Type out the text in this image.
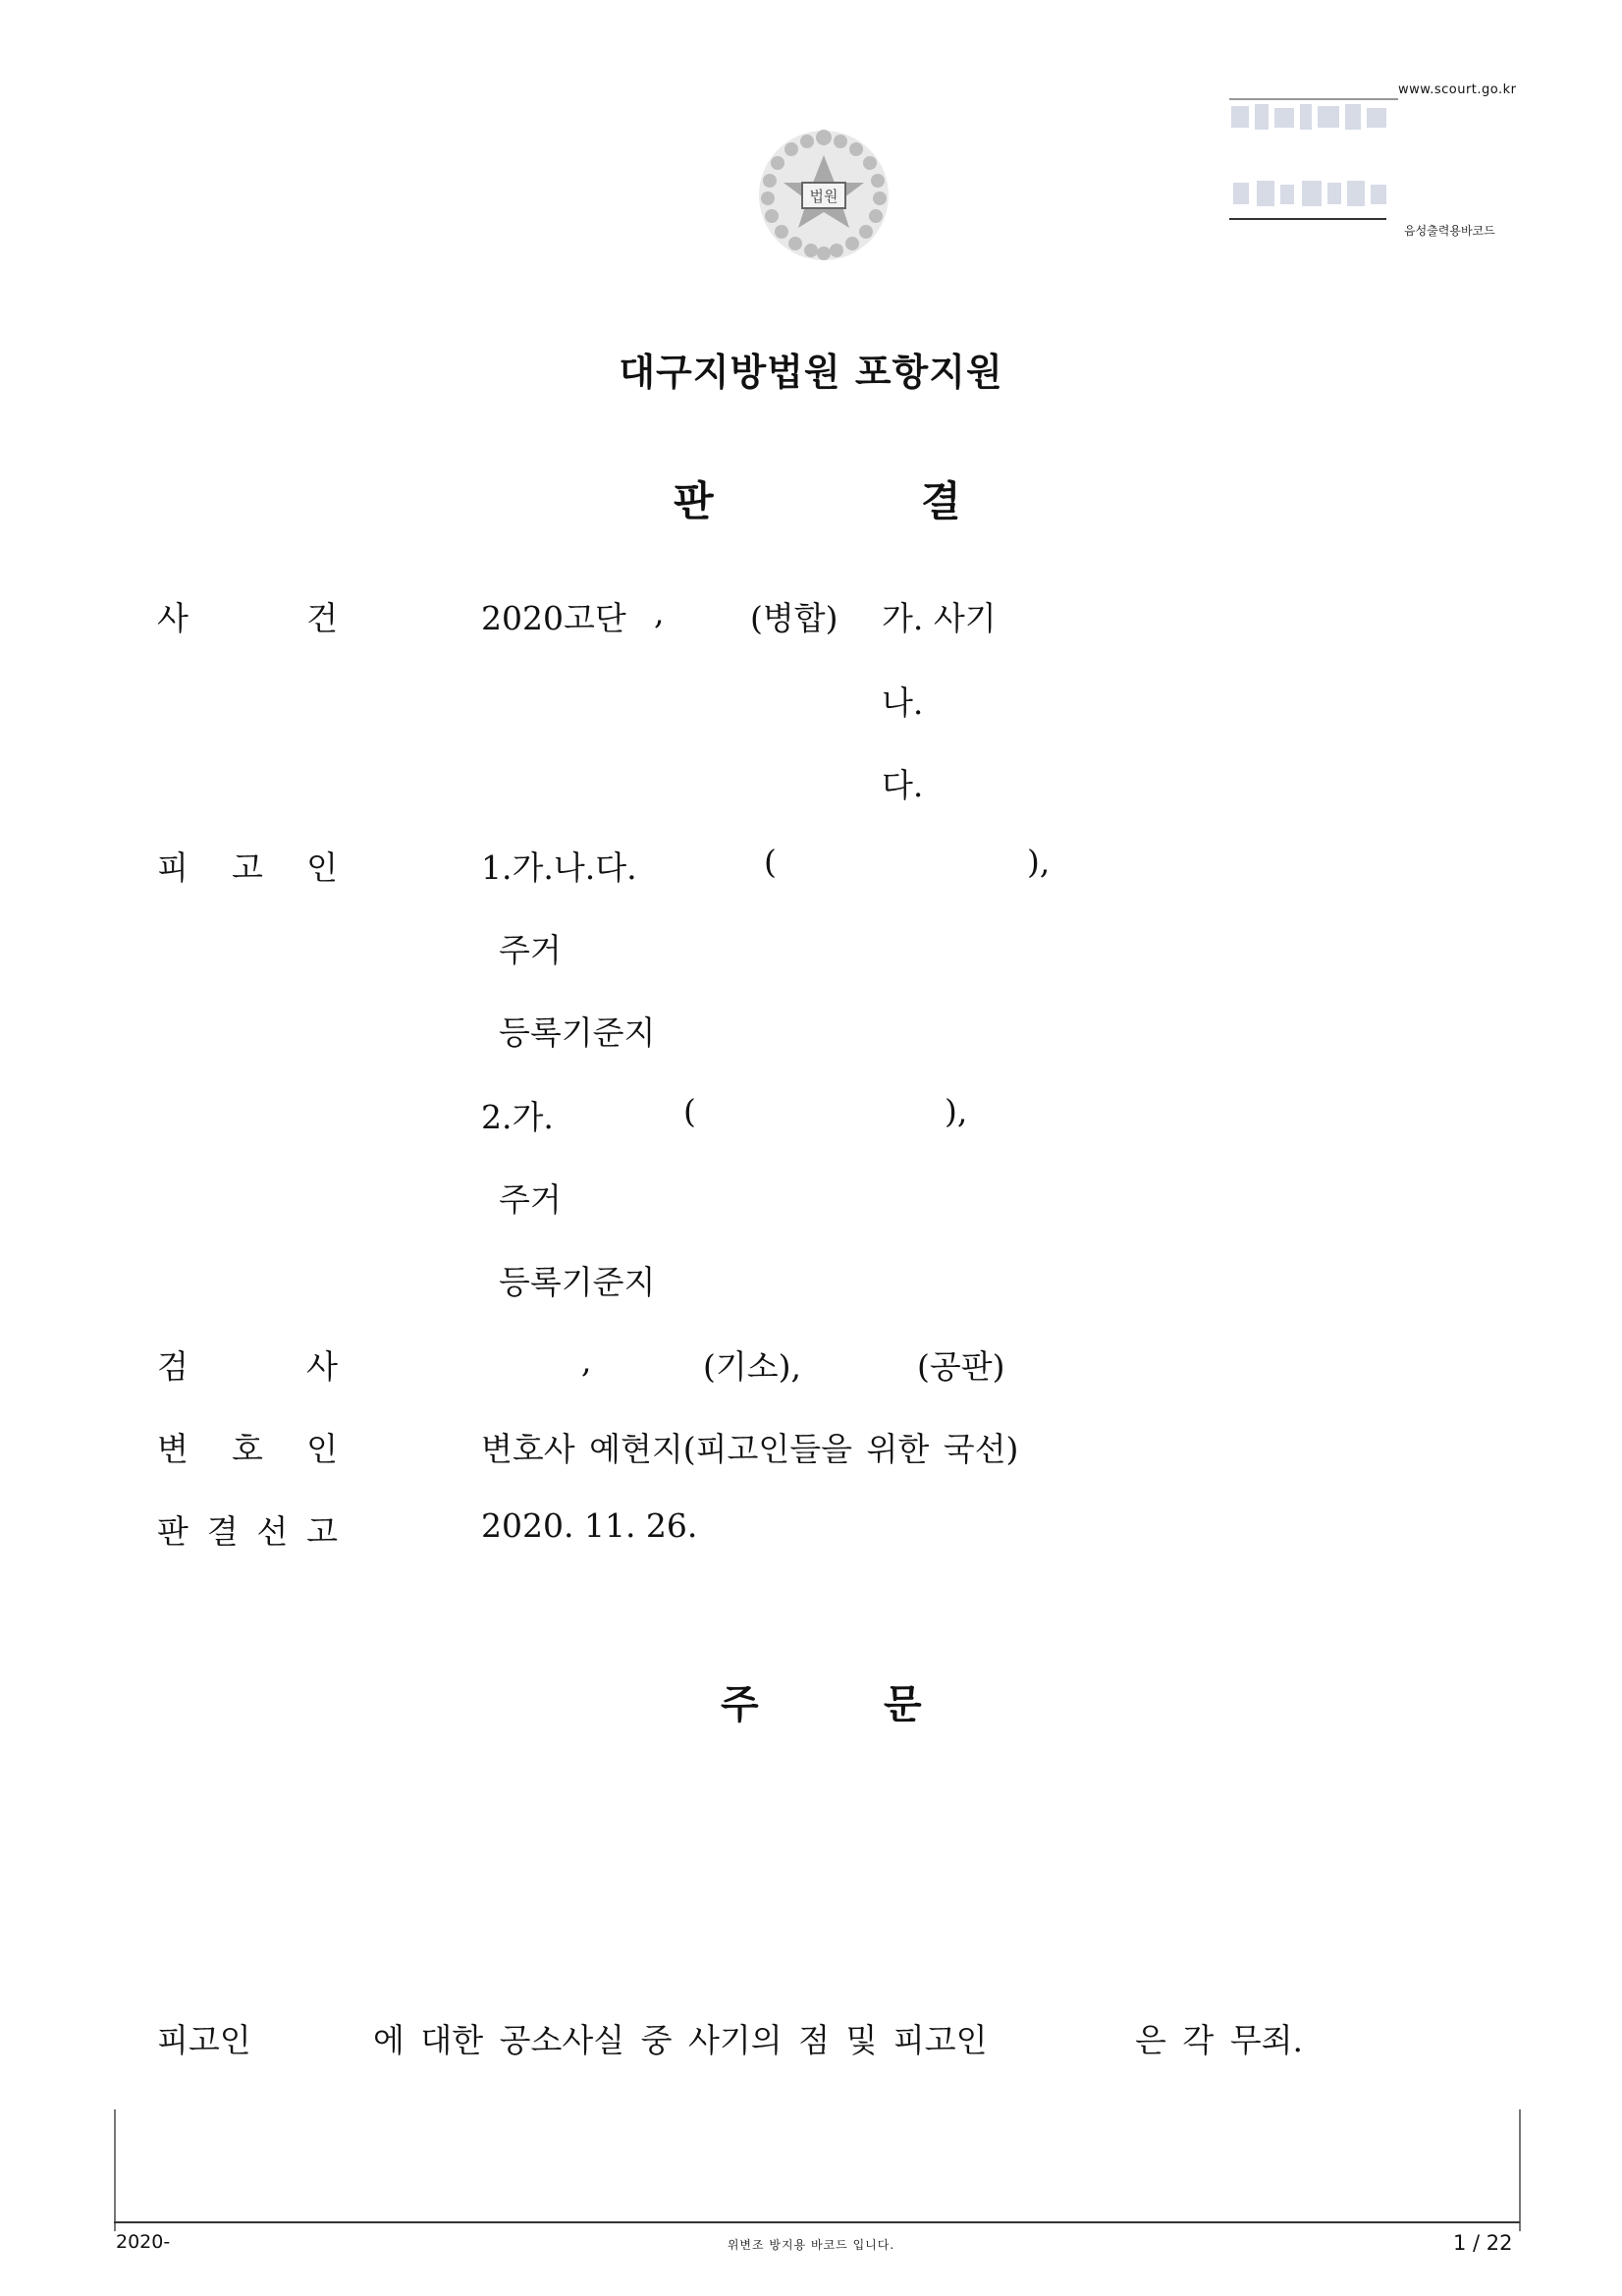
법원
www.scourt.go.kr
음성출력용바코드
대구지방법원 포항지원
판	결
사	건	2020고단 ,	(병합) 가. 사기
나.
다.
피 고 인	1.가.나.다.	(	),
주거
등록기준지
2.가.	(	),
주거
등록기준지
검	사	,	(기소),	(공판)
변 호 인	변호사 예현지(피고인들을 위한 국선)
판 결 선 고	2020. 11. 26.
주	문
피고인	에 대한 공소사실 중 사기의 점 및 피고인	은 각 무죄.
2020-	위변조 방지용 바코드 입니다.	1 / 22
